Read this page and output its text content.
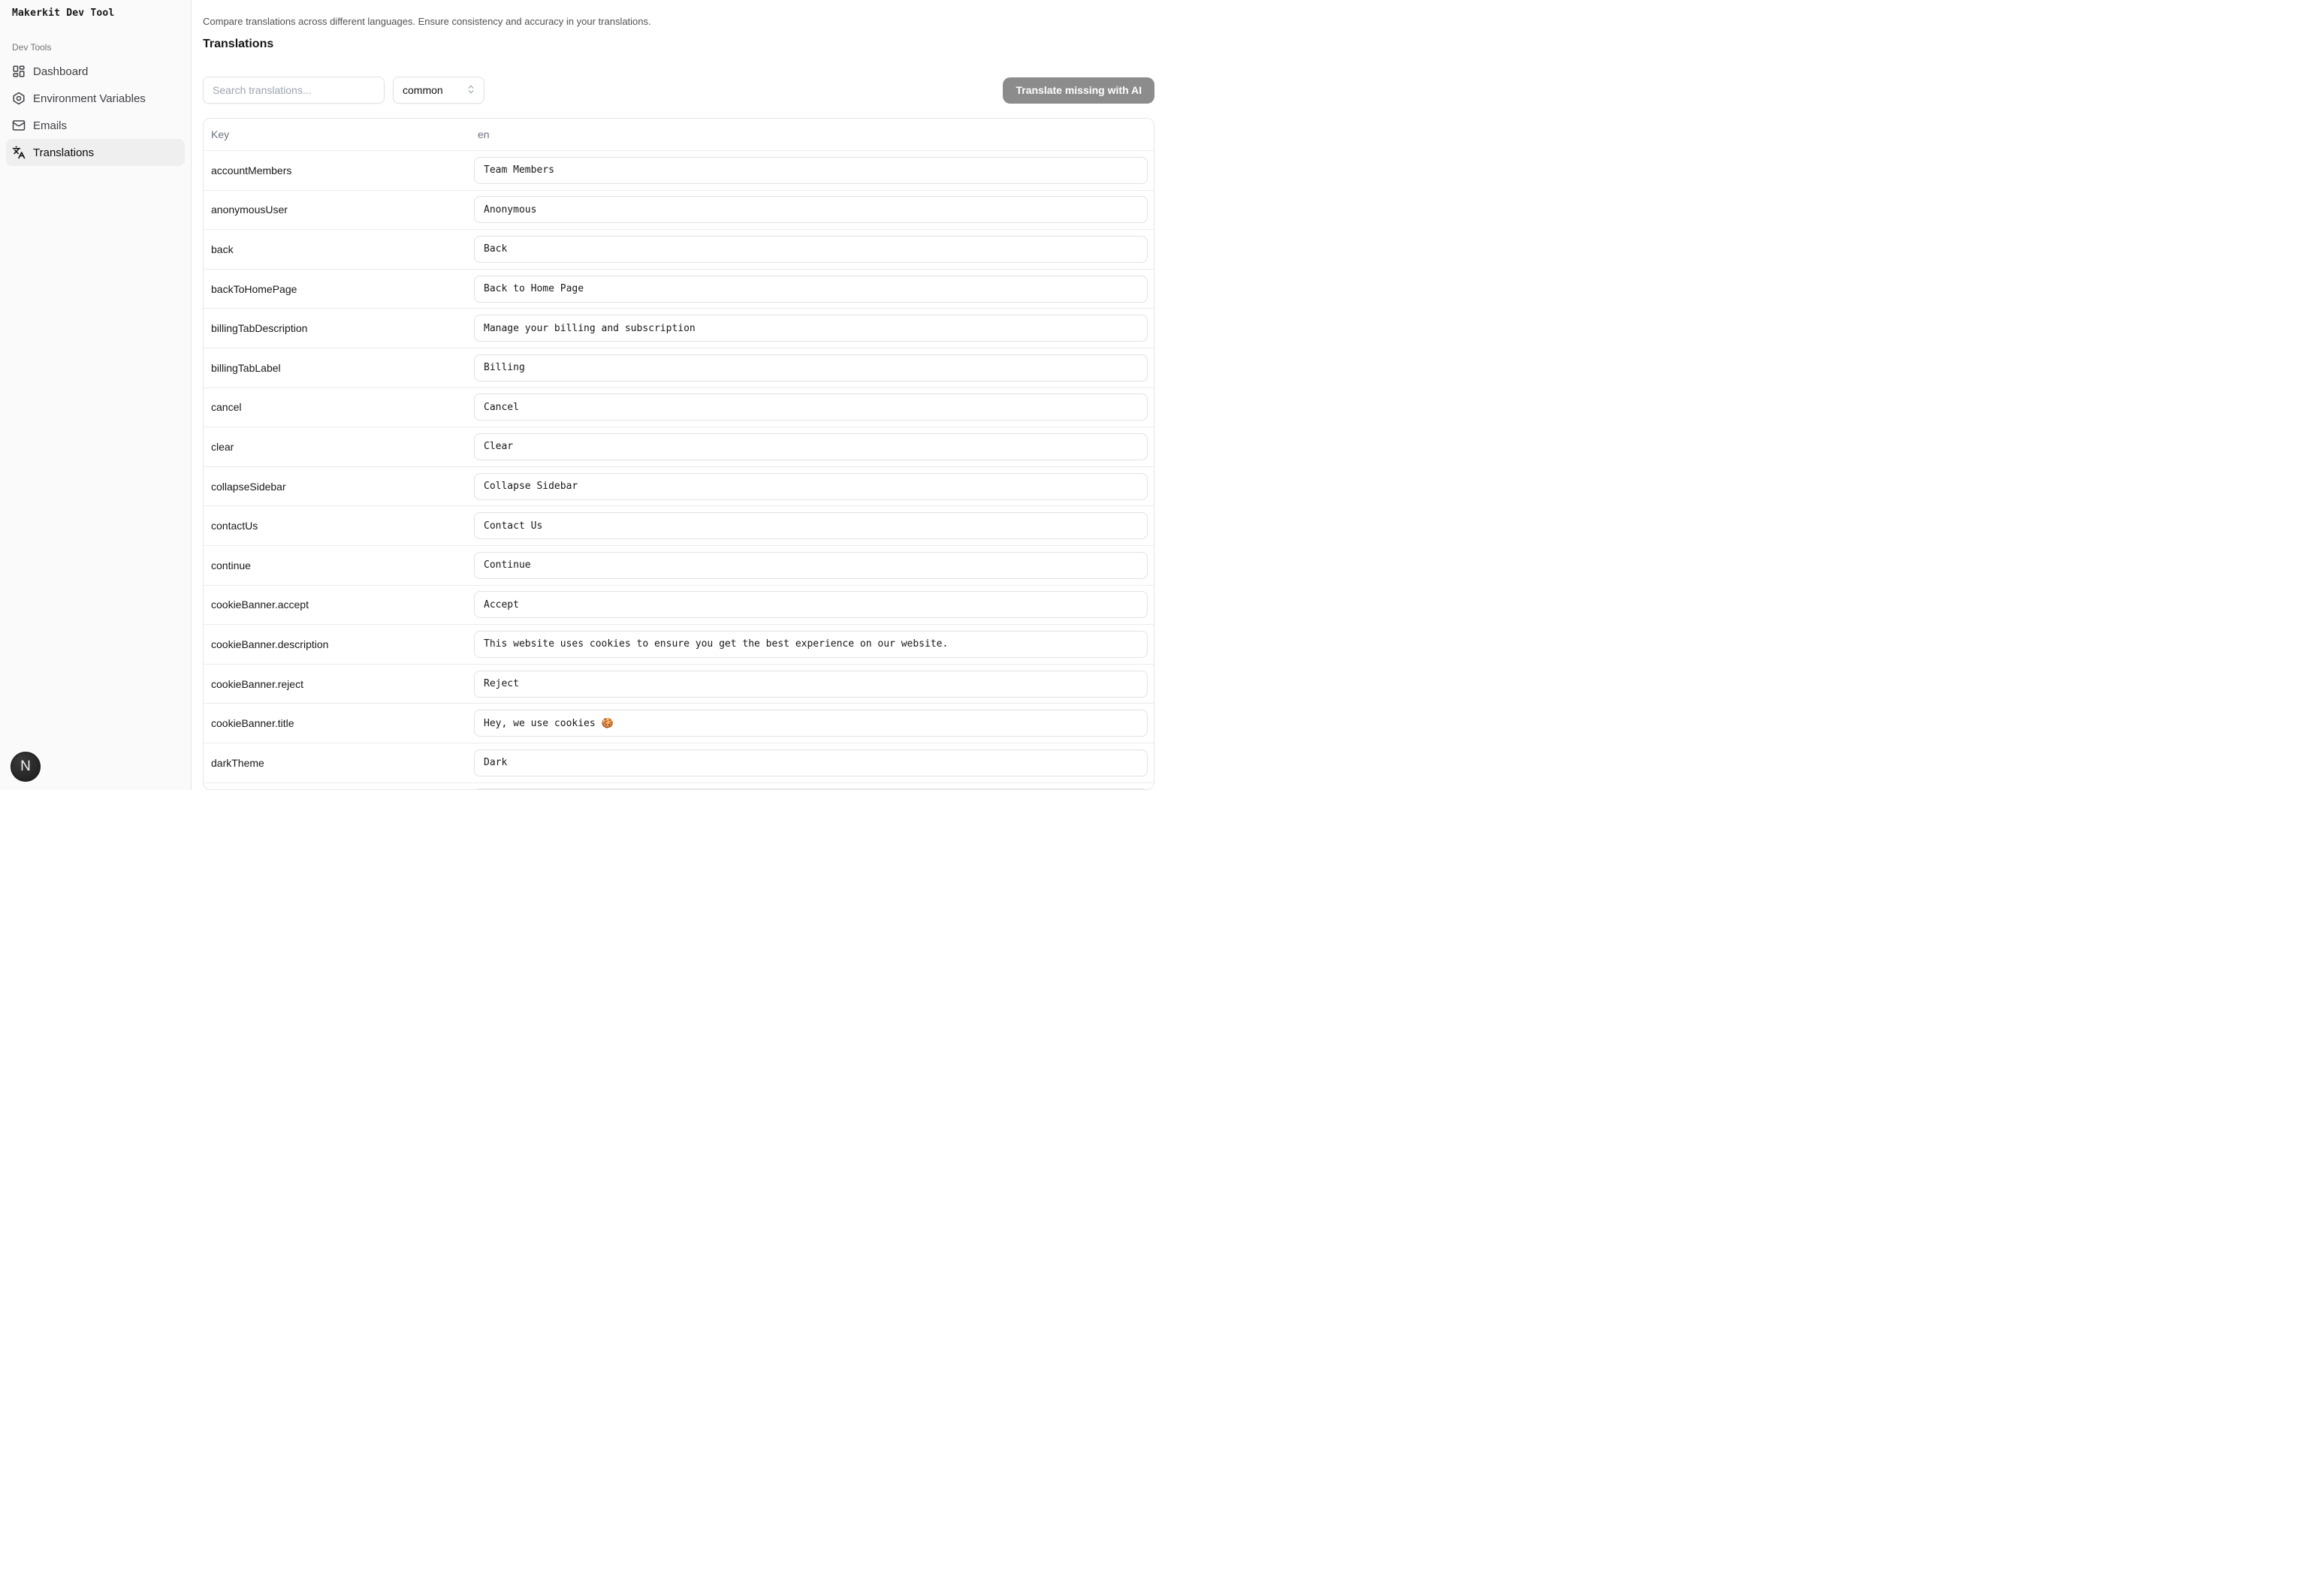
Makerkit Dev Tool
Dev Tools
Dashboard
Environment Variables
Emails
Translations
N
Compare translations across different languages. Ensure consistency and accuracy in your translations.
Translations
Search translations...
common	Translate missing with AI
Key	en
accountMembers
Team Members
anonymousUser
Anonymous
back
Back
backToHomePage
Back to Home Page
billingTabDescription
Manage your billing and subscription
billingTabLabel
Billing
cancel
Cancel
clear
Clear
collapseSidebar
Collapse Sidebar
contactUs
Contact Us
continue
Continue
cookieBanner.accept
Accept
cookieBanner.description
This website uses cookies to ensure you get the best experience on our website.
cookieBanner.reject
Reject
cookieBanner.title
Hey, we use cookies 🍪
darkTheme
Dark
